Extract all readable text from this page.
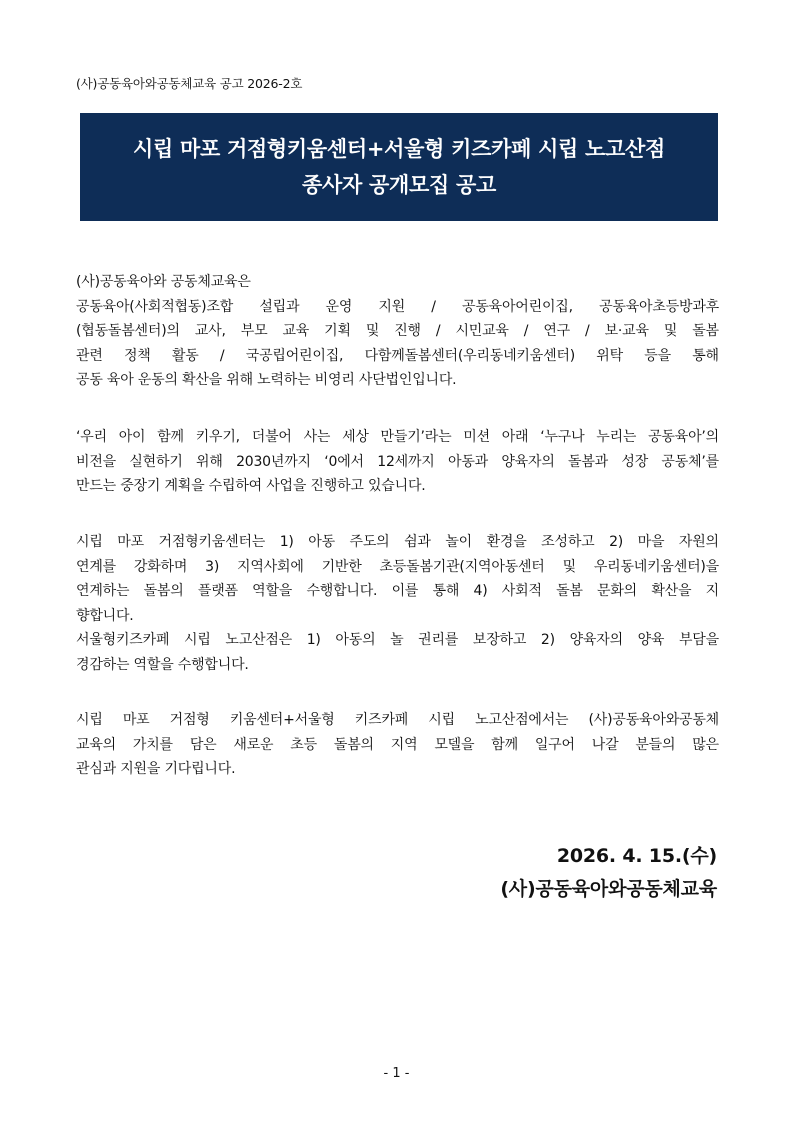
(사)공동육아와공동체교육 공고 2026-2호
시립 마포 거점형키움센터+서울형 키즈카페 시립 노고산점
종사자 공개모집 공고
(사)공동육아와 공동체교육은
공동육아(사회적협동)조합 설립과 운영 지원 / 공동육아어린이집, 공동육아초등방과후
(협동돌봄센터)의 교사, 부모 교육 기획 및 진행 / 시민교육 / 연구 / 보·교육 및 돌봄
관련 정책 활동 / 국공립어린이집, 다함께돌봄센터(우리동네키움센터) 위탁 등을 통해
공동 육아 운동의 확산을 위해 노력하는 비영리 사단법인입니다.
‘우리 아이 함께 키우기, 더불어 사는 세상 만들기’라는 미션 아래 ‘누구나 누리는 공동육아’의
비전을 실현하기 위해 2030년까지 ‘0에서 12세까지 아동과 양육자의 돌봄과 성장 공동체’를
만드는 중장기 계획을 수립하여 사업을 진행하고 있습니다.
시립 마포 거점형키움센터는 1) 아동 주도의 쉼과 놀이 환경을 조성하고 2) 마을 자원의
연계를 강화하며 3) 지역사회에 기반한 초등돌봄기관(지역아동센터 및 우리동네키움센터)을
연계하는 돌봄의 플랫폼 역할을 수행합니다. 이를 통해 4) 사회적 돌봄 문화의 확산을 지
향합니다.
서울형키즈카페 시립 노고산점은 1) 아동의 놀 권리를 보장하고 2) 양육자의 양육 부담을
경감하는 역할을 수행합니다.
시립 마포 거점형 키움센터+서울형 키즈카페 시립 노고산점에서는 (사)공동육아와공동체
교육의 가치를 담은 새로운 초등 돌봄의 지역 모델을 함께 일구어 나갈 분들의 많은
관심과 지원을 기다립니다.
2026. 4. 15.(수)
(사)공동육아와공동체교육
- 1 -
